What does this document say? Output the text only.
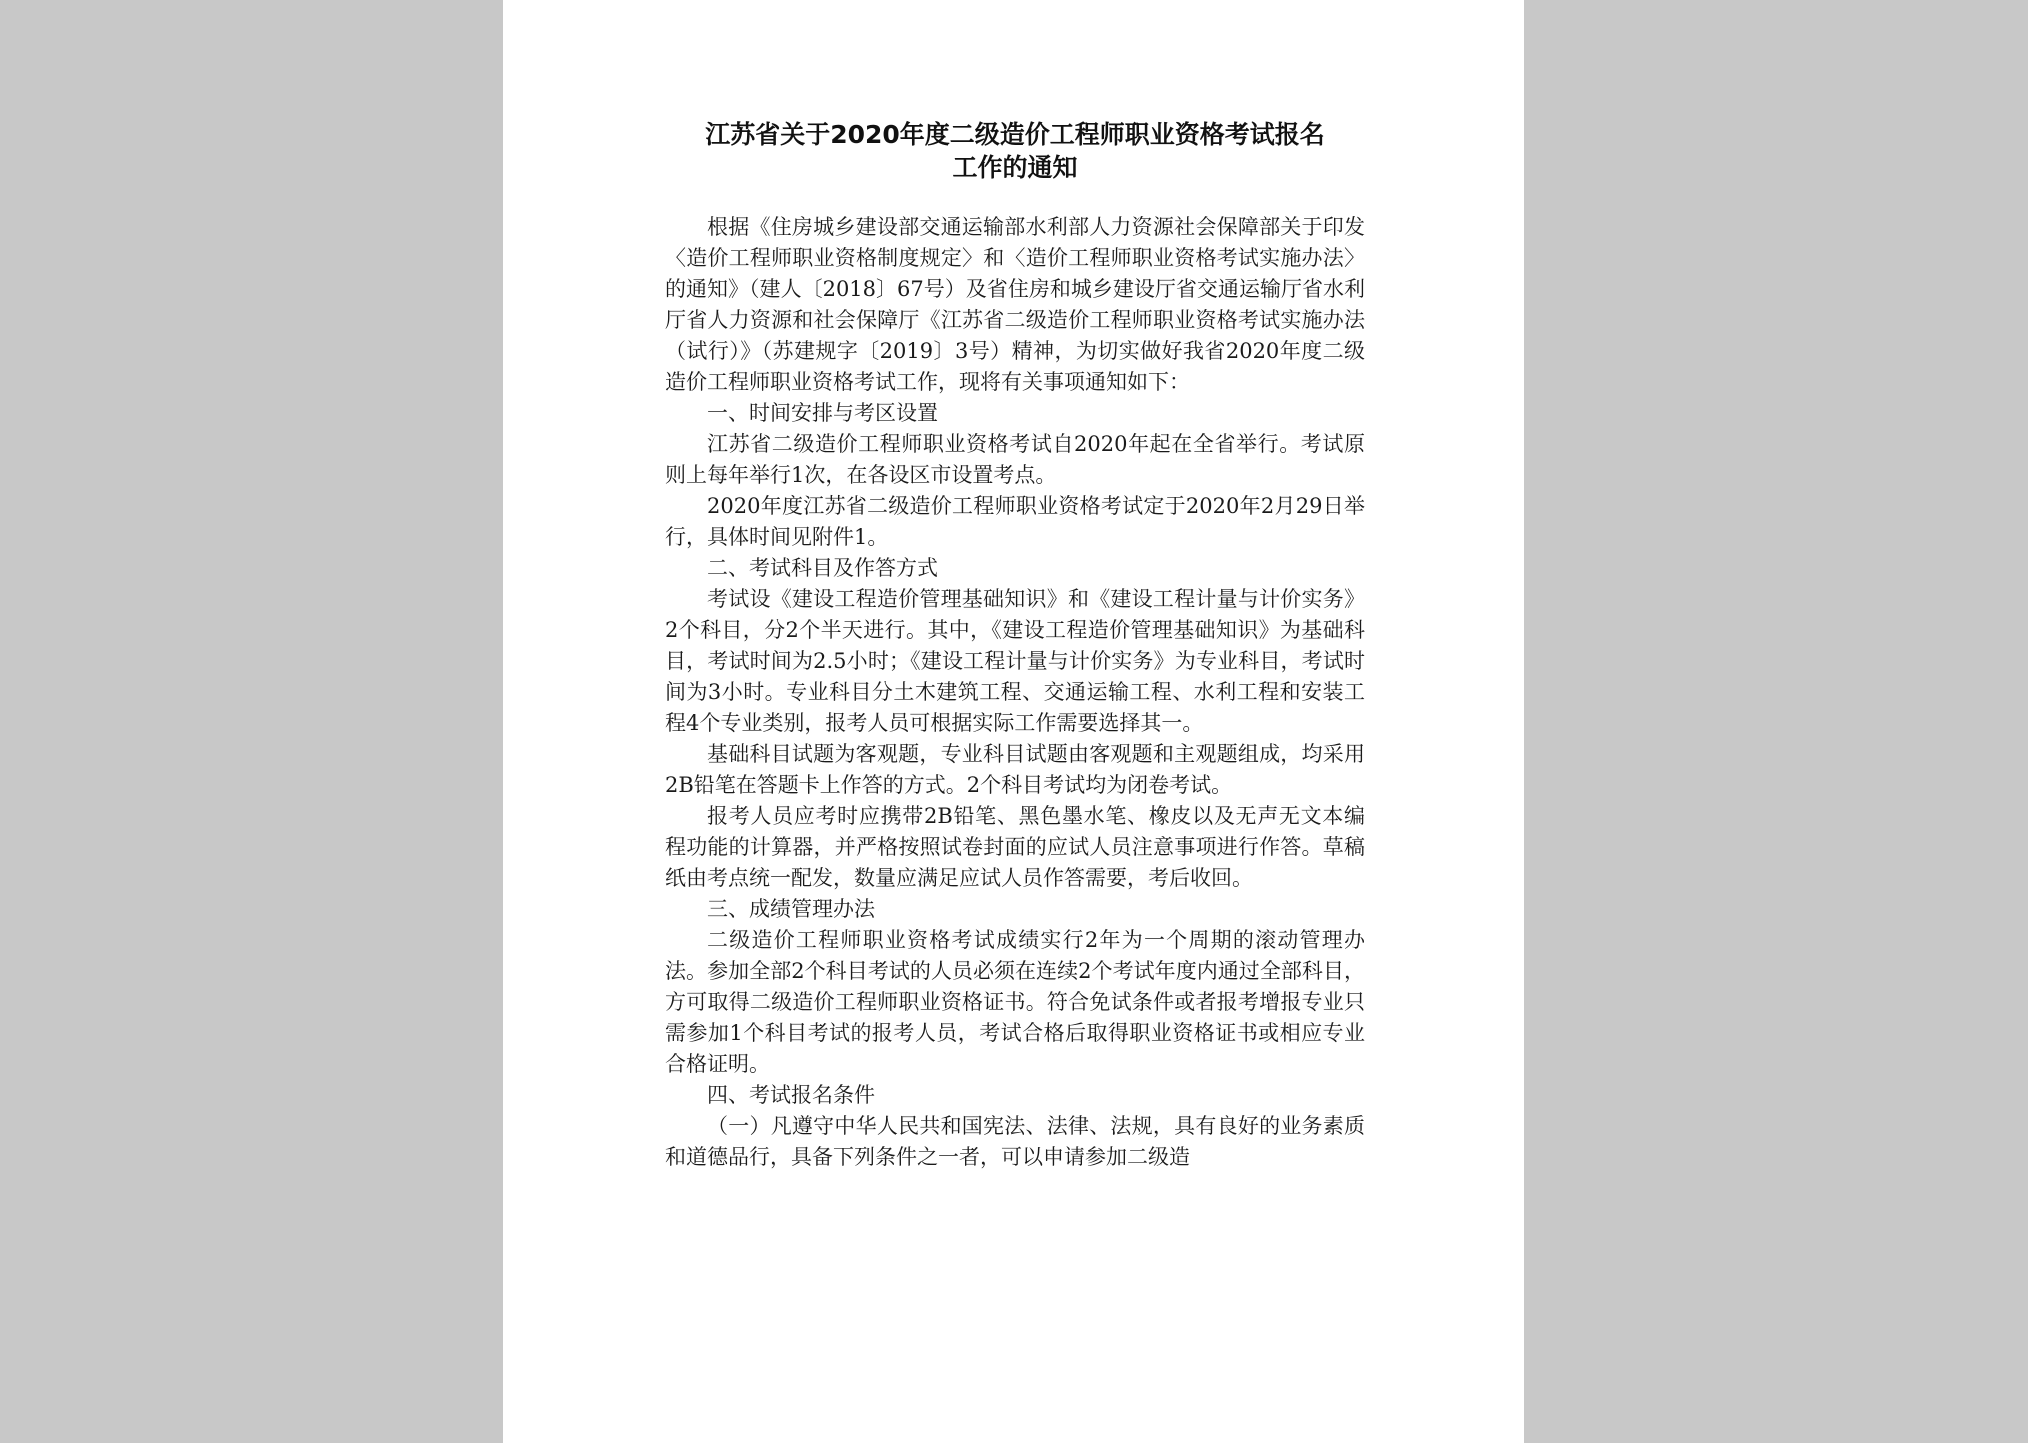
江苏省关于2020年度二级造价工程师职业资格考试报名
工作的通知

根据《住房城乡建设部交通运输部水利部人力资源社会保障部关于印发〈造价工程师职业资格制度规定〉和〈造价工程师职业资格考试实施办法〉的通知》（建人〔2018〕67号）及省住房和城乡建设厅省交通运输厅省水利厅省人力资源和社会保障厅《江苏省二级造价工程师职业资格考试实施办法（试行）》（苏建规字〔2019〕3号）精神，为切实做好我省2020年度二级造价工程师职业资格考试工作，现将有关事项通知如下：

一、时间安排与考区设置

江苏省二级造价工程师职业资格考试自2020年起在全省举行。考试原则上每年举行1次，在各设区市设置考点。

2020年度江苏省二级造价工程师职业资格考试定于2020年2月29日举行，具体时间见附件1。

二、考试科目及作答方式

考试设《建设工程造价管理基础知识》和《建设工程计量与计价实务》2个科目，分2个半天进行。其中，《建设工程造价管理基础知识》为基础科目，考试时间为2.5小时；《建设工程计量与计价实务》为专业科目，考试时间为3小时。专业科目分土木建筑工程、交通运输工程、水利工程和安装工程4个专业类别，报考人员可根据实际工作需要选择其一。

基础科目试题为客观题，专业科目试题由客观题和主观题组成，均采用2B铅笔在答题卡上作答的方式。2个科目考试均为闭卷考试。

报考人员应考时应携带2B铅笔、黑色墨水笔、橡皮以及无声无文本编程功能的计算器，并严格按照试卷封面的应试人员注意事项进行作答。草稿纸由考点统一配发，数量应满足应试人员作答需要，考后收回。

三、成绩管理办法

二级造价工程师职业资格考试成绩实行2年为一个周期的滚动管理办法。参加全部2个科目考试的人员必须在连续2个考试年度内通过全部科目，方可取得二级造价工程师职业资格证书。符合免试条件或者报考增报专业只需参加1个科目考试的报考人员，考试合格后取得职业资格证书或相应专业合格证明。

四、考试报名条件

（一）凡遵守中华人民共和国宪法、法律、法规，具有良好的业务素质和道德品行，具备下列条件之一者，可以申请参加二级造
